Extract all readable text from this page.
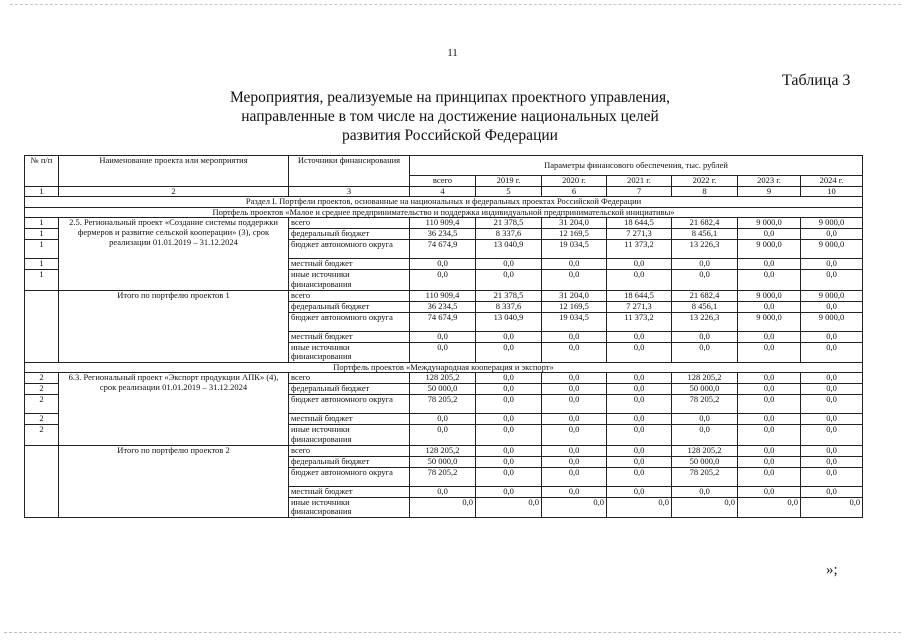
11
Таблица 3
Мероприятия, реализуемые на принципах проектного управления,
направленные в том числе на достижение национальных целей
развития Российской Федерации
№ п/п	Наименование проекта или мероприятия	Источники финансирования	Параметры финансового обеспечения, тыс. рублей						
			всего	2019 г.	2020 г.	2021 г.	2022 г.	2023 г.	2024 г.
1	2	3	4	5	6	7	8	9	10
Раздел I. Портфели проектов, основанные на национальных и федеральных проектах Российской Федерации									
Портфель проектов «Малое и среднее предпринимательство и поддержка индивидуальной предпринимательской инициативы»									
1	2.5. Региональный проект «Создание системы поддержки фермеров и развитие сельской кооперации» (3), срок реализации 01.01.2019 – 31.12.2024	всего	110 909,4	21 378,5	31 204,0	18 644,5	21 682,4	9 000,0	9 000,0
1		федеральный бюджет	36 234,5	8 337,6	12 169,5	7 271,3	8 456,1	0,0	0,0
1		бюджет автономного округа	74 674,9	13 040,9	19 034,5	11 373,2	13 226,3	9 000,0	9 000,0
1		местный бюджет	0,0	0,0	0,0	0,0	0,0	0,0	0,0
1		иные источники финансирования	0,0	0,0	0,0	0,0	0,0	0,0	0,0
	Итого по портфелю проектов 1	всего	110 909,4	21 378,5	31 204,0	18 644,5	21 682,4	9 000,0	9 000,0
		федеральный бюджет	36 234,5	8 337,6	12 169,5	7 271,3	8 456,1	0,0	0,0
		бюджет автономного округа	74 674,9	13 040,9	19 034,5	11 373,2	13 226,3	9 000,0	9 000,0
		местный бюджет	0,0	0,0	0,0	0,0	0,0	0,0	0,0
		иные источники финансирования	0,0	0,0	0,0	0,0	0,0	0,0	0,0
Портфель проектов «Международная кооперация и экспорт»									
2	6.3. Региональный проект «Экспорт продукции АПК» (4), срок реализации 01.01.2019 – 31.12.2024	всего	128 205,2	0,0	0,0	0,0	128 205,2	0,0	0,0
2		федеральный бюджет	50 000,0	0,0	0,0	0,0	50 000,0	0,0	0,0
2		бюджет автономного округа	78 205,2	0,0	0,0	0,0	78 205,2	0,0	0,0
2		местный бюджет	0,0	0,0	0,0	0,0	0,0	0,0	0,0
2		иные источники финансирования	0,0	0,0	0,0	0,0	0,0	0,0	0,0
	Итого по портфелю проектов 2	всего	128 205,2	0,0	0,0	0,0	128 205,2	0,0	0,0
		федеральный бюджет	50 000,0	0,0	0,0	0,0	50 000,0	0,0	0,0
		бюджет автономного округа	78 205,2	0,0	0,0	0,0	78 205,2	0,0	0,0
		местный бюджет	0,0	0,0	0,0	0,0	0,0	0,0	0,0
		иные источники финансирования	0,0	0,0	0,0	0,0	0,0	0,0	0,0
»;
